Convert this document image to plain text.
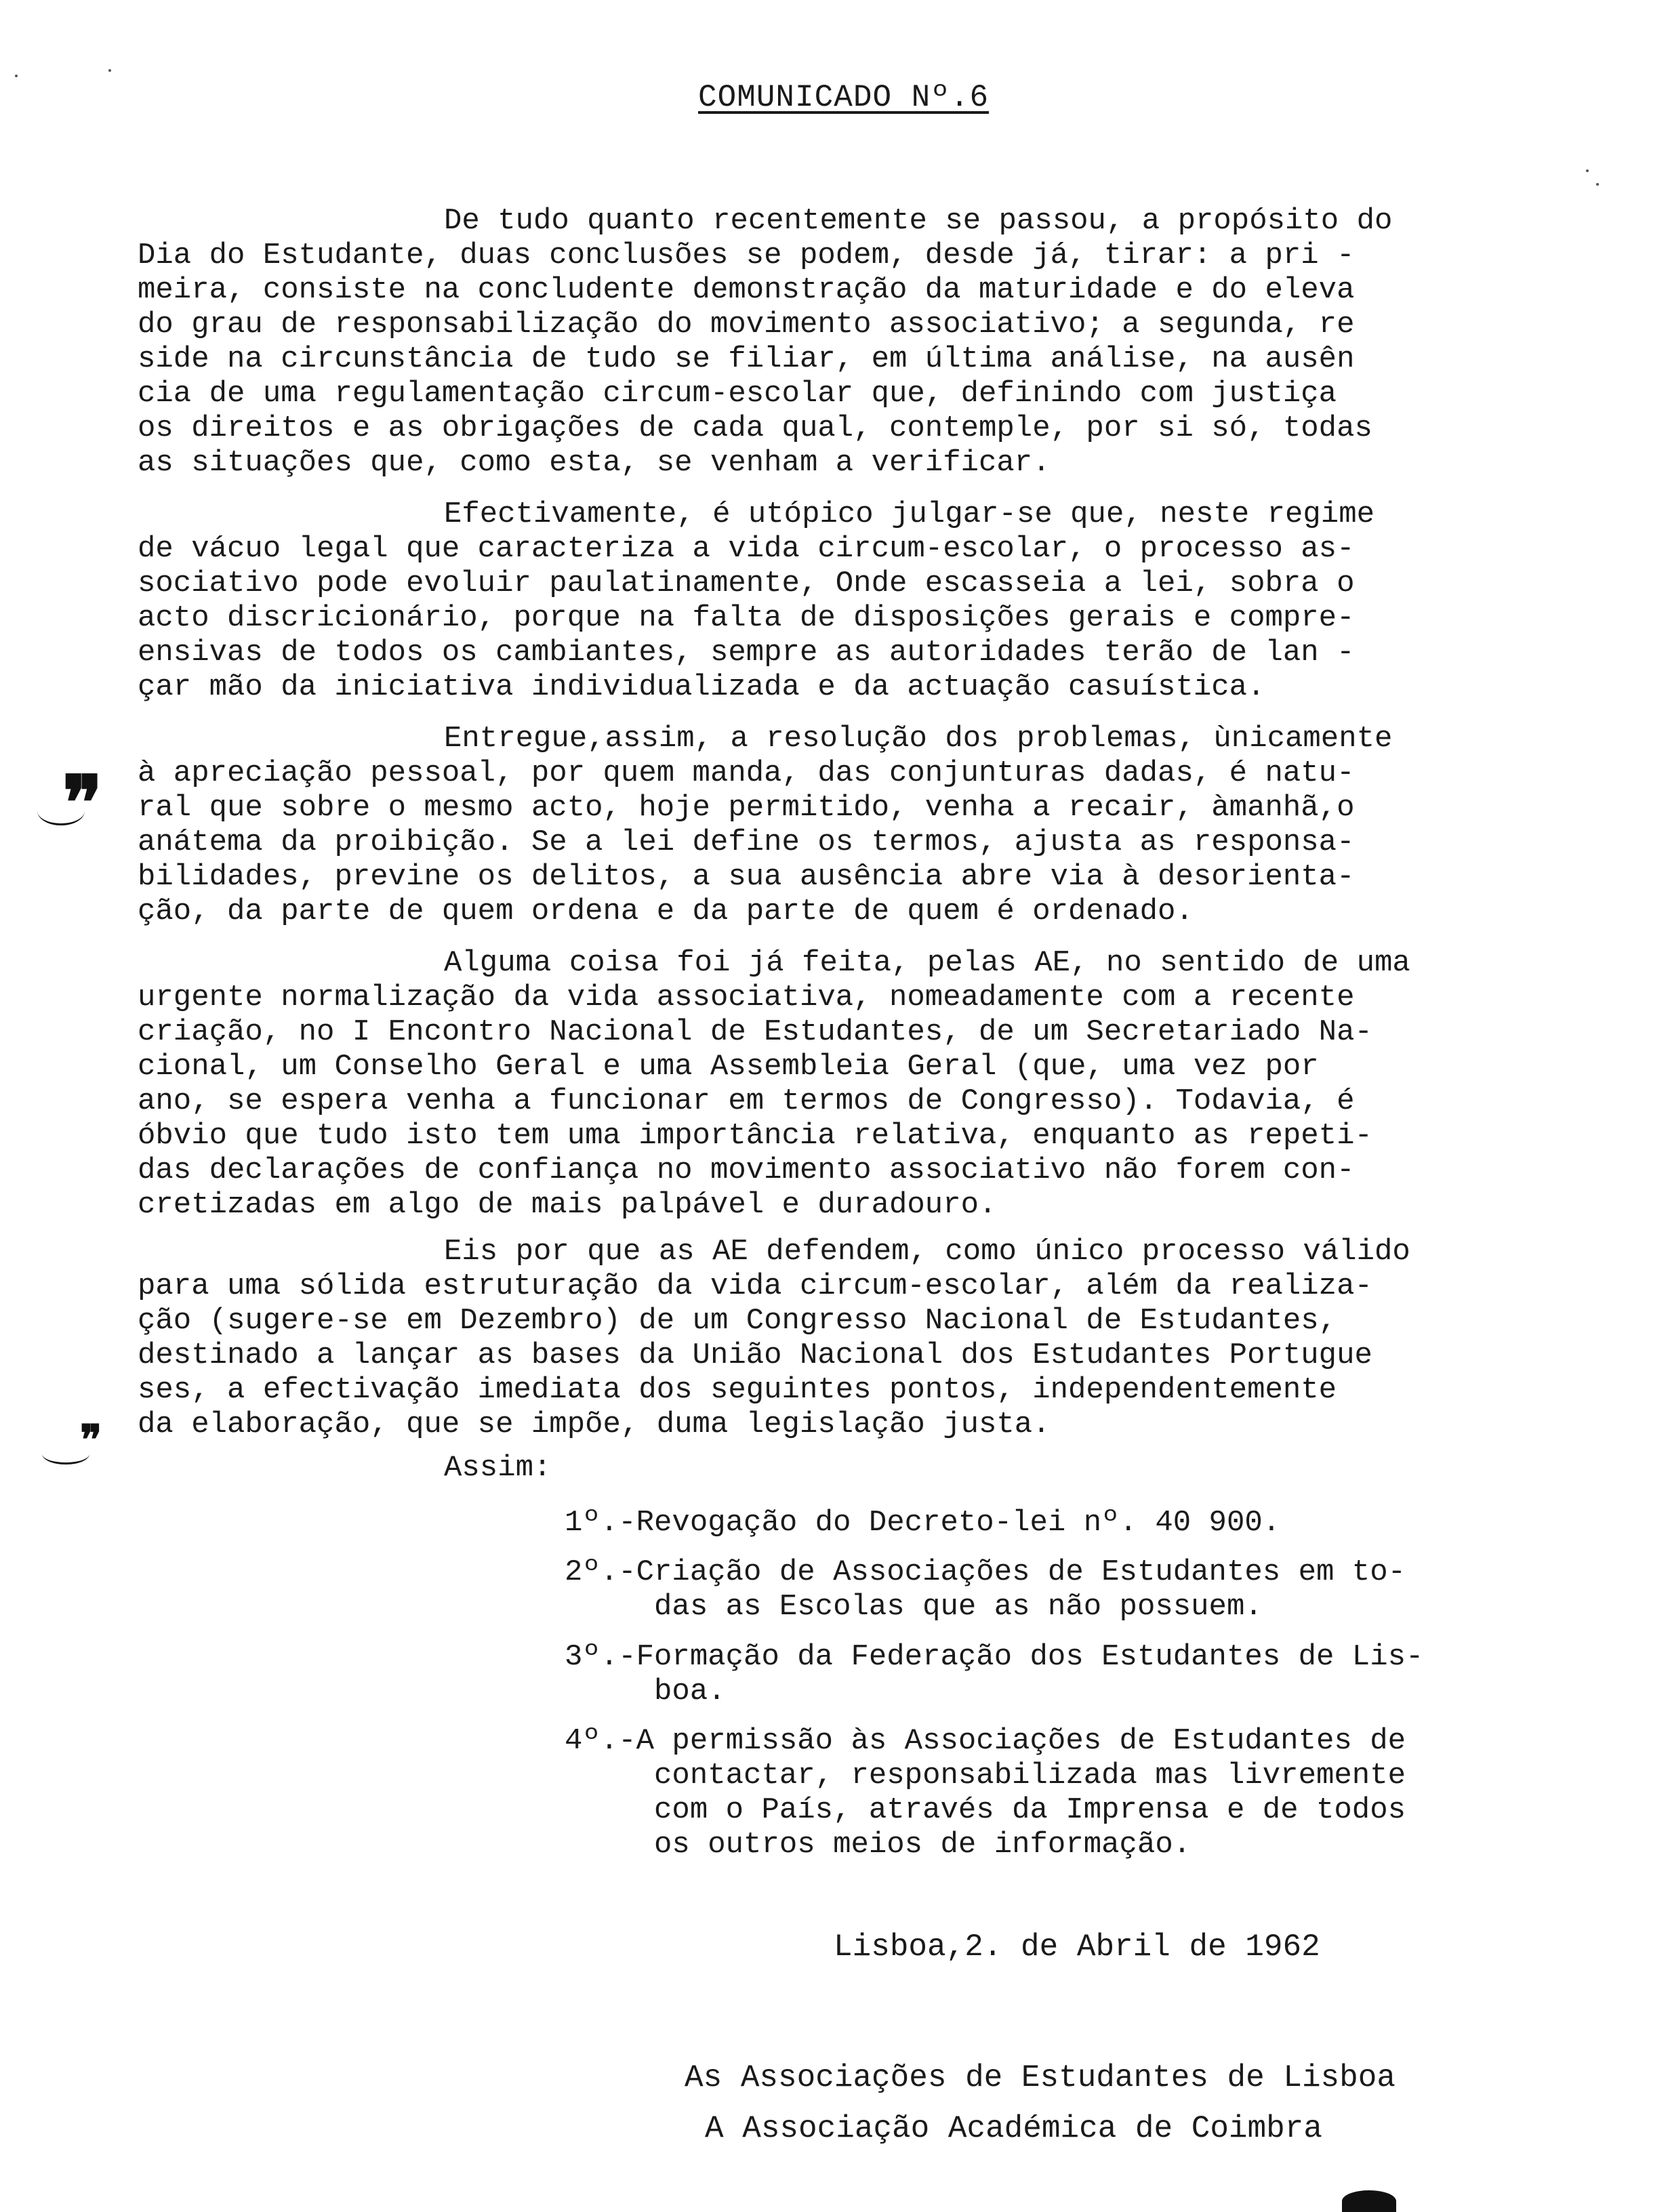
COMUNICADO Nº.6
De tudo quanto recentemente se passou, a propósito do
Dia do Estudante, duas conclusões se podem, desde já, tirar: a pri -
meira, consiste na concludente demonstração da maturidade e do eleva
do grau de responsabilização do movimento associativo; a segunda, re
side na circunstância de tudo se filiar, em última análise, na ausên
cia de uma regulamentação circum-escolar que, definindo com justiça
os direitos e as obrigações de cada qual, contemple, por si só, todas
as situações que, como esta, se venham a verificar.
Efectivamente, é utópico julgar-se que, neste regime
de vácuo legal que caracteriza a vida circum-escolar, o processo as-
sociativo pode evoluir paulatinamente, Onde escasseia a lei, sobra o
acto discricionário, porque na falta de disposições gerais e compre-
ensivas de todos os cambiantes, sempre as autoridades terão de lan -
çar mão da iniciativa individualizada e da actuação casuística.
Entregue,assim, a resolução dos problemas, ùnicamente
à apreciação pessoal, por quem manda, das conjunturas dadas, é natu-
ral que sobre o mesmo acto, hoje permitido, venha a recair, àmanhã,o
anátema da proibição. Se a lei define os termos, ajusta as responsa-
bilidades, previne os delitos, a sua ausência abre via à desorienta-
ção, da parte de quem ordena e da parte de quem é ordenado.
Alguma coisa foi já feita, pelas AE, no sentido de uma
urgente normalização da vida associativa, nomeadamente com a recente
criação, no I Encontro Nacional de Estudantes, de um Secretariado Na-
cional, um Conselho Geral e uma Assembleia Geral (que, uma vez por
ano, se espera venha a funcionar em termos de Congresso). Todavia, é
óbvio que tudo isto tem uma importância relativa, enquanto as repeti-
das declarações de confiança no movimento associativo não forem con-
cretizadas em algo de mais palpável e duradouro.
Eis por que as AE defendem, como único processo válido
para uma sólida estruturação da vida circum-escolar, além da realiza-
ção (sugere-se em Dezembro) de um Congresso Nacional de Estudantes,
destinado a lançar as bases da União Nacional dos Estudantes Portugue
ses, a efectivação imediata dos seguintes pontos, independentemente
da elaboração, que se impõe, duma legislação justa.
Assim:
1º.-Revogação do Decreto-lei nº. 40 900.
2º.-Criação de Associações de Estudantes em to-
das as Escolas que as não possuem.
3º.-Formação da Federação dos Estudantes de Lis-
boa.
4º.-A permissão às Associações de Estudantes de
contactar, responsabilizada mas livremente
com o País, através da Imprensa e de todos
os outros meios de informação.
Lisboa,2. de Abril de 1962
As Associações de Estudantes de Lisboa
A Associação Académica de Coimbra
❞
❞
